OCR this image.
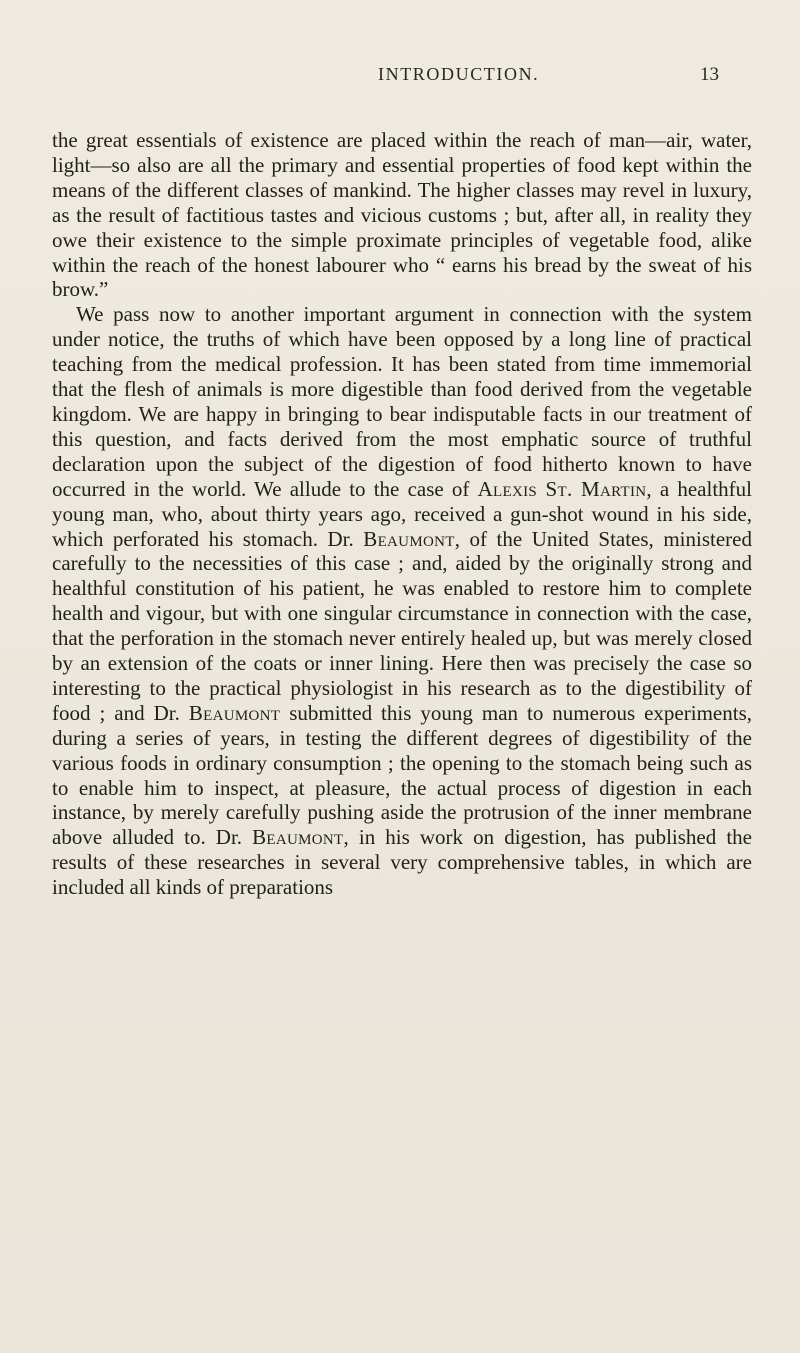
INTRODUCTION.	13

the great essentials of existence are placed within the reach of man—air, water, light—so also are all the primary and essential properties of food kept within the means of the different classes of mankind. The higher classes may revel in luxury, as the result of factitious tastes and vicious customs ; but, after all, in reality they owe their existence to the simple proximate principles of vegetable food, alike within the reach of the honest labourer who “ earns his bread by the sweat of his brow.”

We pass now to another important argument in connection with the system under notice, the truths of which have been opposed by a long line of practical teaching from the medical profession. It has been stated from time immemorial that the flesh of animals is more digestible than food derived from the vegetable kingdom. We are happy in bringing to bear indisputable facts in our treatment of this question, and facts derived from the most emphatic source of truthful declaration upon the subject of the digestion of food hitherto known to have occurred in the world. We allude to the case of Alexis St. Martin, a healthful young man, who, about thirty years ago, received a gun-shot wound in his side, which perforated his stomach. Dr. Beaumont, of the United States, ministered carefully to the necessities of this case ; and, aided by the originally strong and healthful constitution of his patient, he was enabled to restore him to complete health and vigour, but with one singular circumstance in connection with the case, that the perforation in the stomach never entirely healed up, but was merely closed by an extension of the coats or inner lining. Here then was precisely the case so interesting to the practical physiologist in his research as to the digestibility of food ; and Dr. Beaumont submitted this young man to numerous experiments, during a series of years, in testing the different degrees of digestibility of the various foods in ordinary consumption ; the opening to the stomach being such as to enable him to inspect, at pleasure, the actual process of digestion in each instance, by merely carefully pushing aside the protrusion of the inner membrane above alluded to. Dr. Beaumont, in his work on digestion, has published the results of these researches in several very comprehensive tables, in which are included all kinds of preparations
